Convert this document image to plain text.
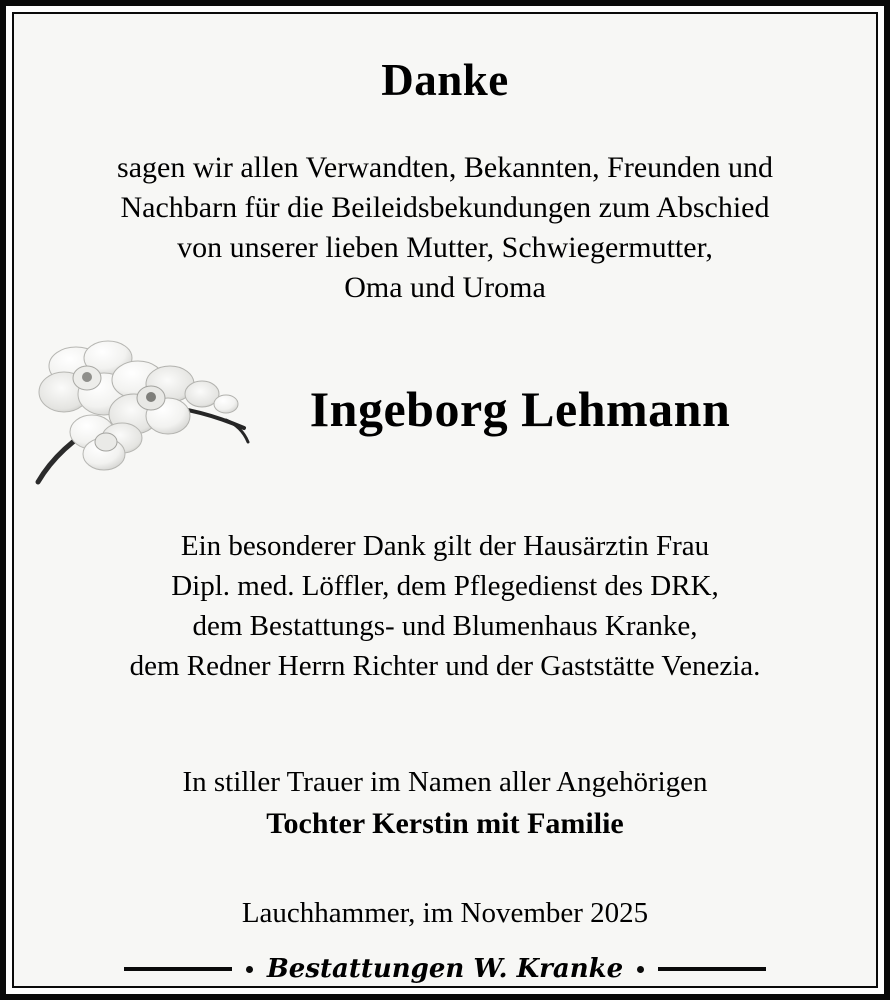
Danke
sagen wir allen Verwandten, Bekannten, Freunden und
Nachbarn für die Beileidsbekundungen zum Abschied
von unserer lieben Mutter, Schwiegermutter,
Oma und Uroma
Ingeborg Lehmann
Ein besonderer Dank gilt der Hausärztin Frau
Dipl. med. Löffler, dem Pflegedienst des DRK,
dem Bestattungs- und Blumenhaus Kranke,
dem Redner Herrn Richter und der Gaststätte Venezia.
In stiller Trauer im Namen aller Angehörigen
Tochter Kerstin mit Familie
Lauchhammer, im November 2025
Bestattungen W. Kranke
